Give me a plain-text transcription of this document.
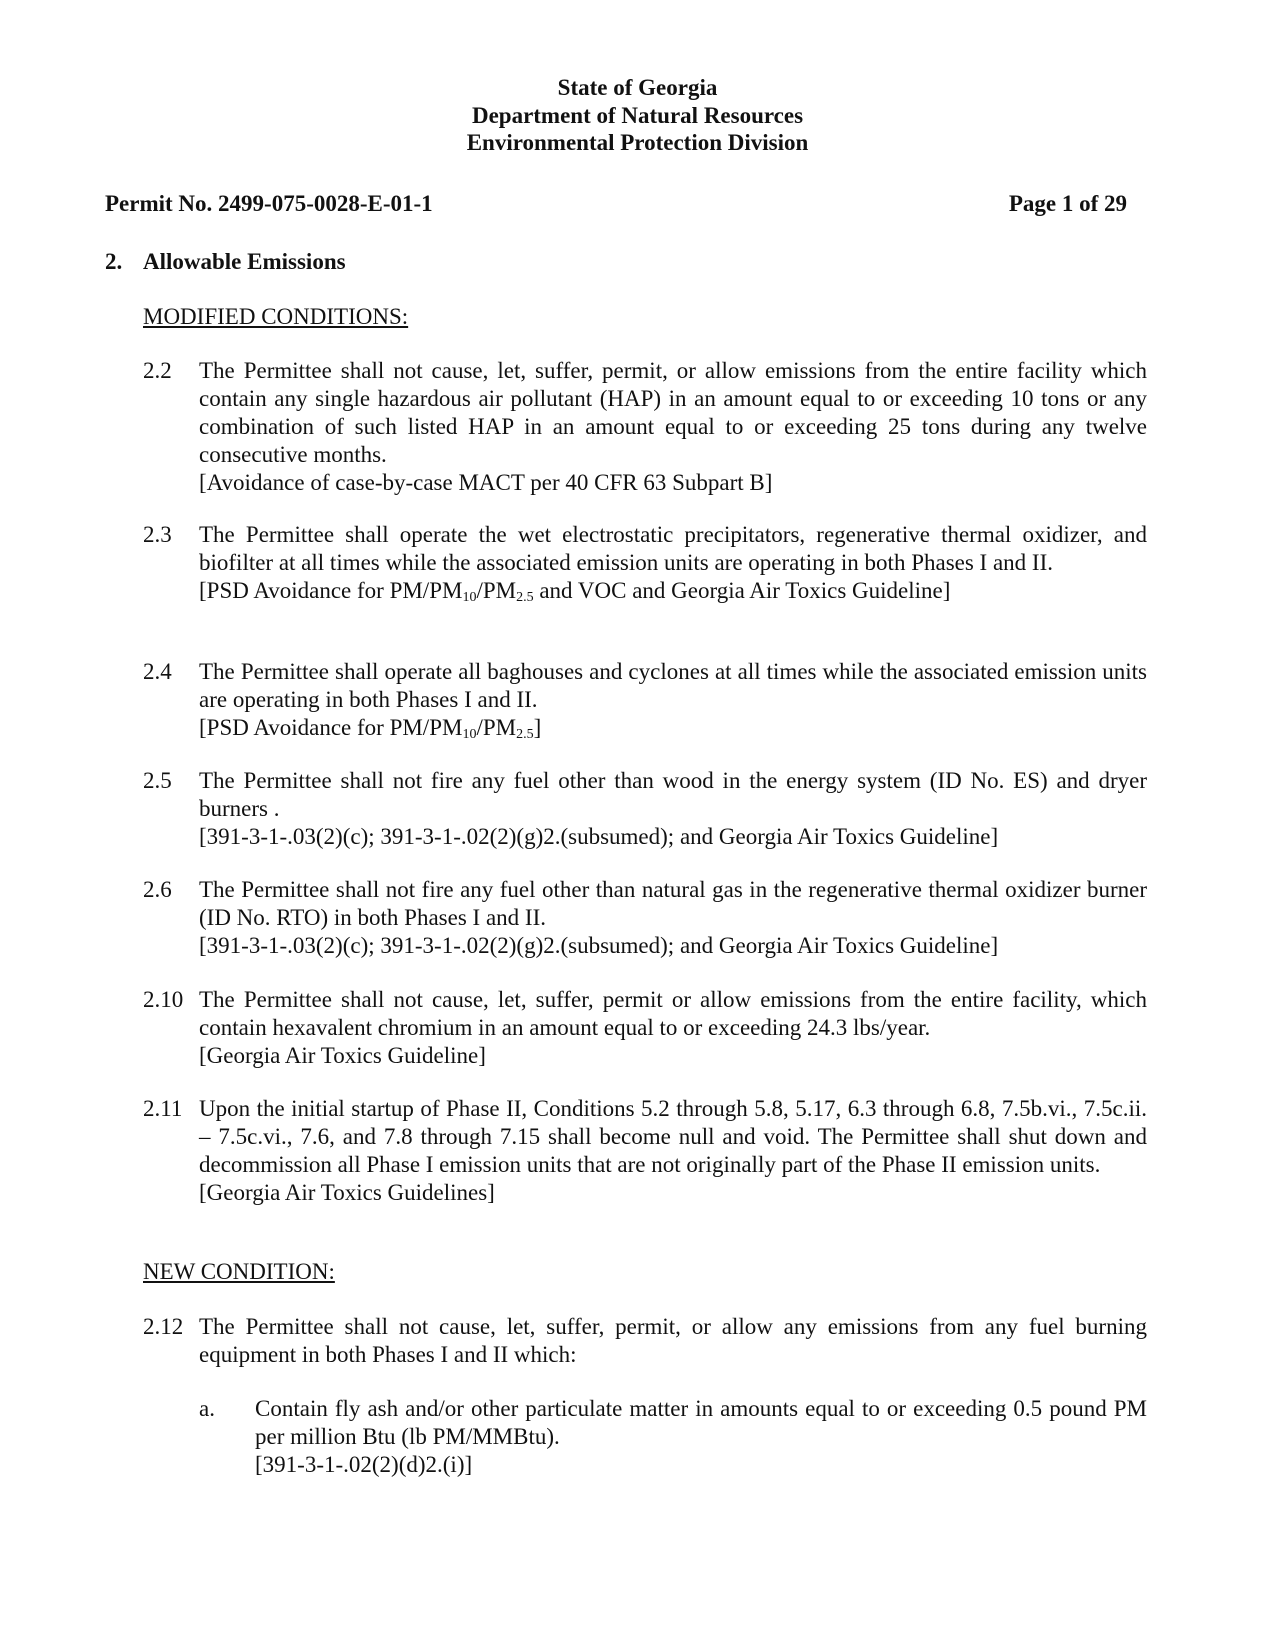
State of Georgia
Department of Natural Resources
Environmental Protection Division
Permit No. 2499-075-0028-E-01-1	Page 1 of 29
2. Allowable Emissions
MODIFIED CONDITIONS:
2.2 The Permittee shall not cause, let, suffer, permit, or allow emissions from the entire facility which contain any single hazardous air pollutant (HAP) in an amount equal to or exceeding 10 tons or any combination of such listed HAP in an amount equal to or exceeding 25 tons during any twelve consecutive months.
[Avoidance of case-by-case MACT per 40 CFR 63 Subpart B]
2.3 The Permittee shall operate the wet electrostatic precipitators, regenerative thermal oxidizer, and biofilter at all times while the associated emission units are operating in both Phases I and II.
[PSD Avoidance for PM/PM10/PM2.5 and VOC and Georgia Air Toxics Guideline]
2.4 The Permittee shall operate all baghouses and cyclones at all times while the associated emission units are operating in both Phases I and II.
[PSD Avoidance for PM/PM10/PM2.5]
2.5 The Permittee shall not fire any fuel other than wood in the energy system (ID No. ES) and dryer burners .
[391-3-1-.03(2)(c); 391-3-1-.02(2)(g)2.(subsumed); and Georgia Air Toxics Guideline]
2.6 The Permittee shall not fire any fuel other than natural gas in the regenerative thermal oxidizer burner (ID No. RTO) in both Phases I and II.
[391-3-1-.03(2)(c); 391-3-1-.02(2)(g)2.(subsumed); and Georgia Air Toxics Guideline]
2.10 The Permittee shall not cause, let, suffer, permit or allow emissions from the entire facility, which contain hexavalent chromium in an amount equal to or exceeding 24.3 lbs/year.
[Georgia Air Toxics Guideline]
2.11 Upon the initial startup of Phase II, Conditions 5.2 through 5.8, 5.17, 6.3 through 6.8, 7.5b.vi., 7.5c.ii. – 7.5c.vi., 7.6, and 7.8 through 7.15 shall become null and void. The Permittee shall shut down and decommission all Phase I emission units that are not originally part of the Phase II emission units.
[Georgia Air Toxics Guidelines]
NEW CONDITION:
2.12 The Permittee shall not cause, let, suffer, permit, or allow any emissions from any fuel burning equipment in both Phases I and II which:
a. Contain fly ash and/or other particulate matter in amounts equal to or exceeding 0.5 pound PM per million Btu (lb PM/MMBtu).
[391-3-1-.02(2)(d)2.(i)]
